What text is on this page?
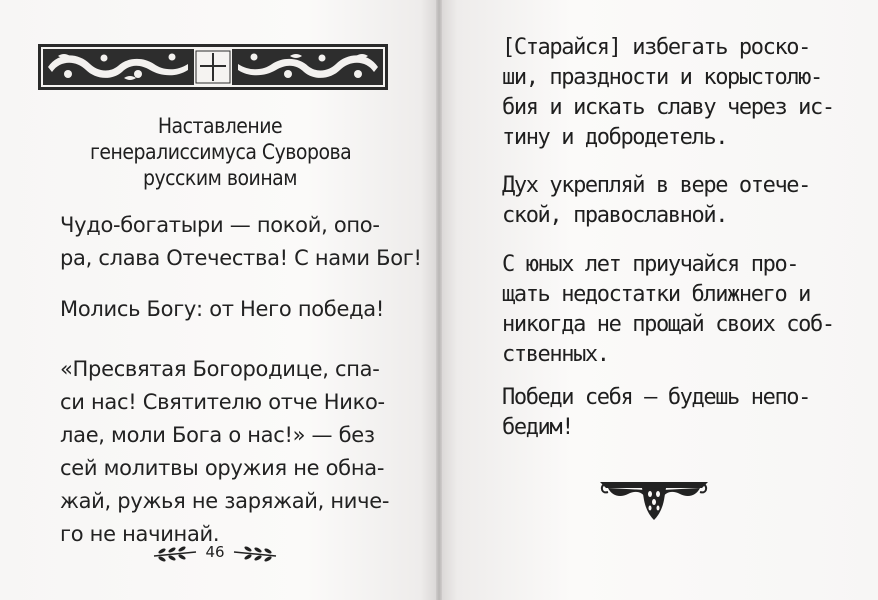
Наставление
генералиссимуса Суворова
русским воинам
Чудо-богатыри — покой, опо-
ра, слава Отечества! С нами Бог!
Молись Богу: от Него победа!
«Пресвятая Богородице, спа-
си нас! Святителю отче Нико-
лае, моли Бога о нас!» — без
сей молитвы оружия не обна-
жай, ружья не заряжай, ниче-
го не начинай.
46
[Старайся] избегать роско-
ши, праздности и корыстолю-
бия и искать славу через ис-
тину и добродетель.
Дух укрепляй в вере отече-
ской, православной.
С юных лет приучайся про-
щать недостатки ближнего и
никогда не прощай своих соб-
ственных.
Победи себя — будешь непо-
бедим!
